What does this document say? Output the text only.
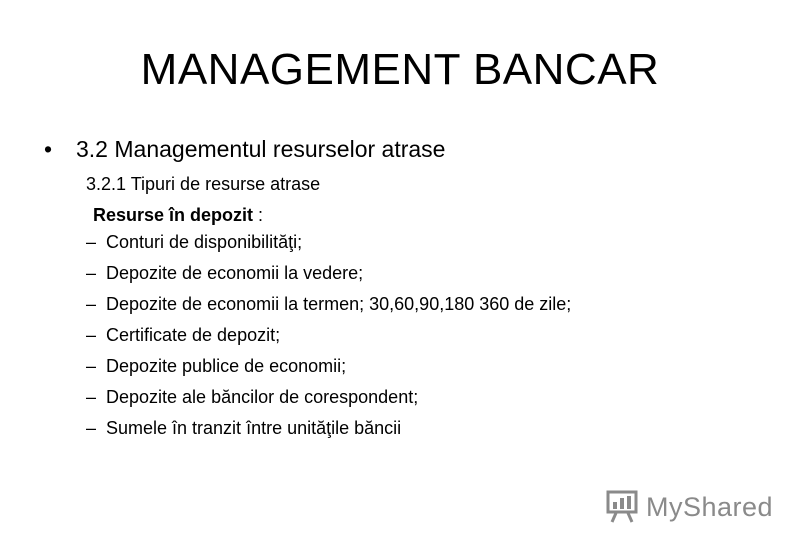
MANAGEMENT BANCAR
• 3.2 Managementul resurselor atrase
3.2.1 Tipuri de resurse atrase
Resurse în depozit :
– Conturi de disponibilităţi;
– Depozite de economii la vedere;
– Depozite de economii la termen; 30,60,90,180 360 de zile;
– Certificate de depozit;
– Depozite publice de economii;
– Depozite ale băncilor de corespondent;
– Sumele în tranzit între unităţile băncii
MyShared
